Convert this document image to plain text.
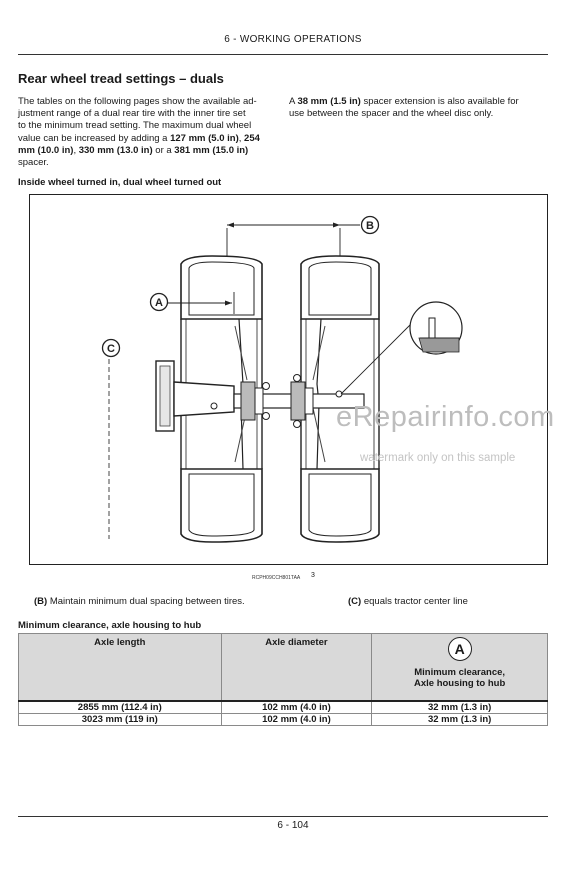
6 - WORKING OPERATIONS
Rear wheel tread settings – duals
The tables on the following pages show the available ad-
justment range of a dual rear tire with the inner tire set
to the minimum tread setting. The maximum dual wheel
value can be increased by adding a 127 mm (5.0 in), 254
mm (10.0 in), 330 mm (13.0 in) or a 381 mm (15.0 in)
spacer.
A 38 mm (1.5 in) spacer extension is also available for
use between the spacer and the wheel disc only.
Inside wheel turned in, dual wheel turned out
A
B
C
eRepairinfo.com
watermark only on this sample
RCPH09CCH801TAA 3
(B) Maintain minimum dual spacing between tires.	(C) equals tractor center line
Minimum clearance, axle housing to hub
Axle length	Axle diameter	A
Minimum clearance,
Axle housing to hub

2855 mm (112.4 in)	102 mm (4.0 in)	32 mm (1.3 in)
3023 mm (119 in)	102 mm (4.0 in)	32 mm (1.3 in)
6 - 104
